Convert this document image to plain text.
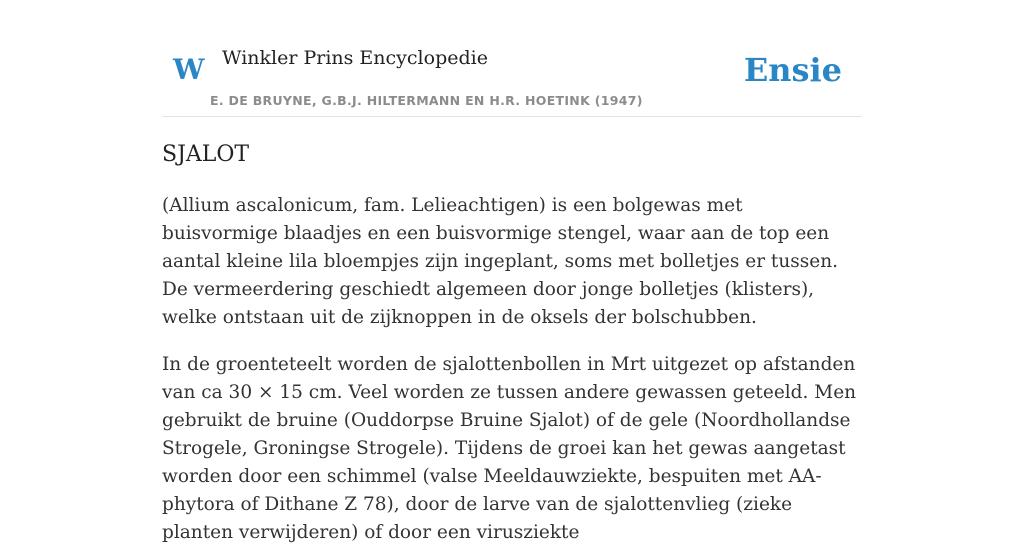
W Winkler Prins Encyclopedie
E. DE BRUYNE, G.B.J. HILTERMANN EN H.R. HOETINK (1947)
Ensie
SJALOT

(Allium ascalonicum, fam. Lelieachtigen) is een bolgewas met buisvormige blaadjes en een buisvormige stengel, waar aan de top een aantal kleine lila bloempjes zijn ingeplant, soms met bolletjes er tussen. De vermeerdering geschiedt algemeen door jonge bolletjes (klisters), welke ontstaan uit de zijknoppen in de oksels der bolschubben.

In de groenteteelt worden de sjalottenbollen in Mrt uitgezet op afstanden van ca 30 × 15 cm. Veel worden ze tussen andere gewassen geteeld. Men gebruikt de bruine (Ouddorpse Bruine Sjalot) of de gele (Noordhollandse Strogele, Groningse Strogele). Tijdens de groei kan het gewas aangetast worden door een schimmel (valse Meeldauwziekte, bespuiten met AA-phytora of Dithane Z 78), door de larve van de sjalottenvlieg (zieke planten verwijderen) of door een virusziekte
